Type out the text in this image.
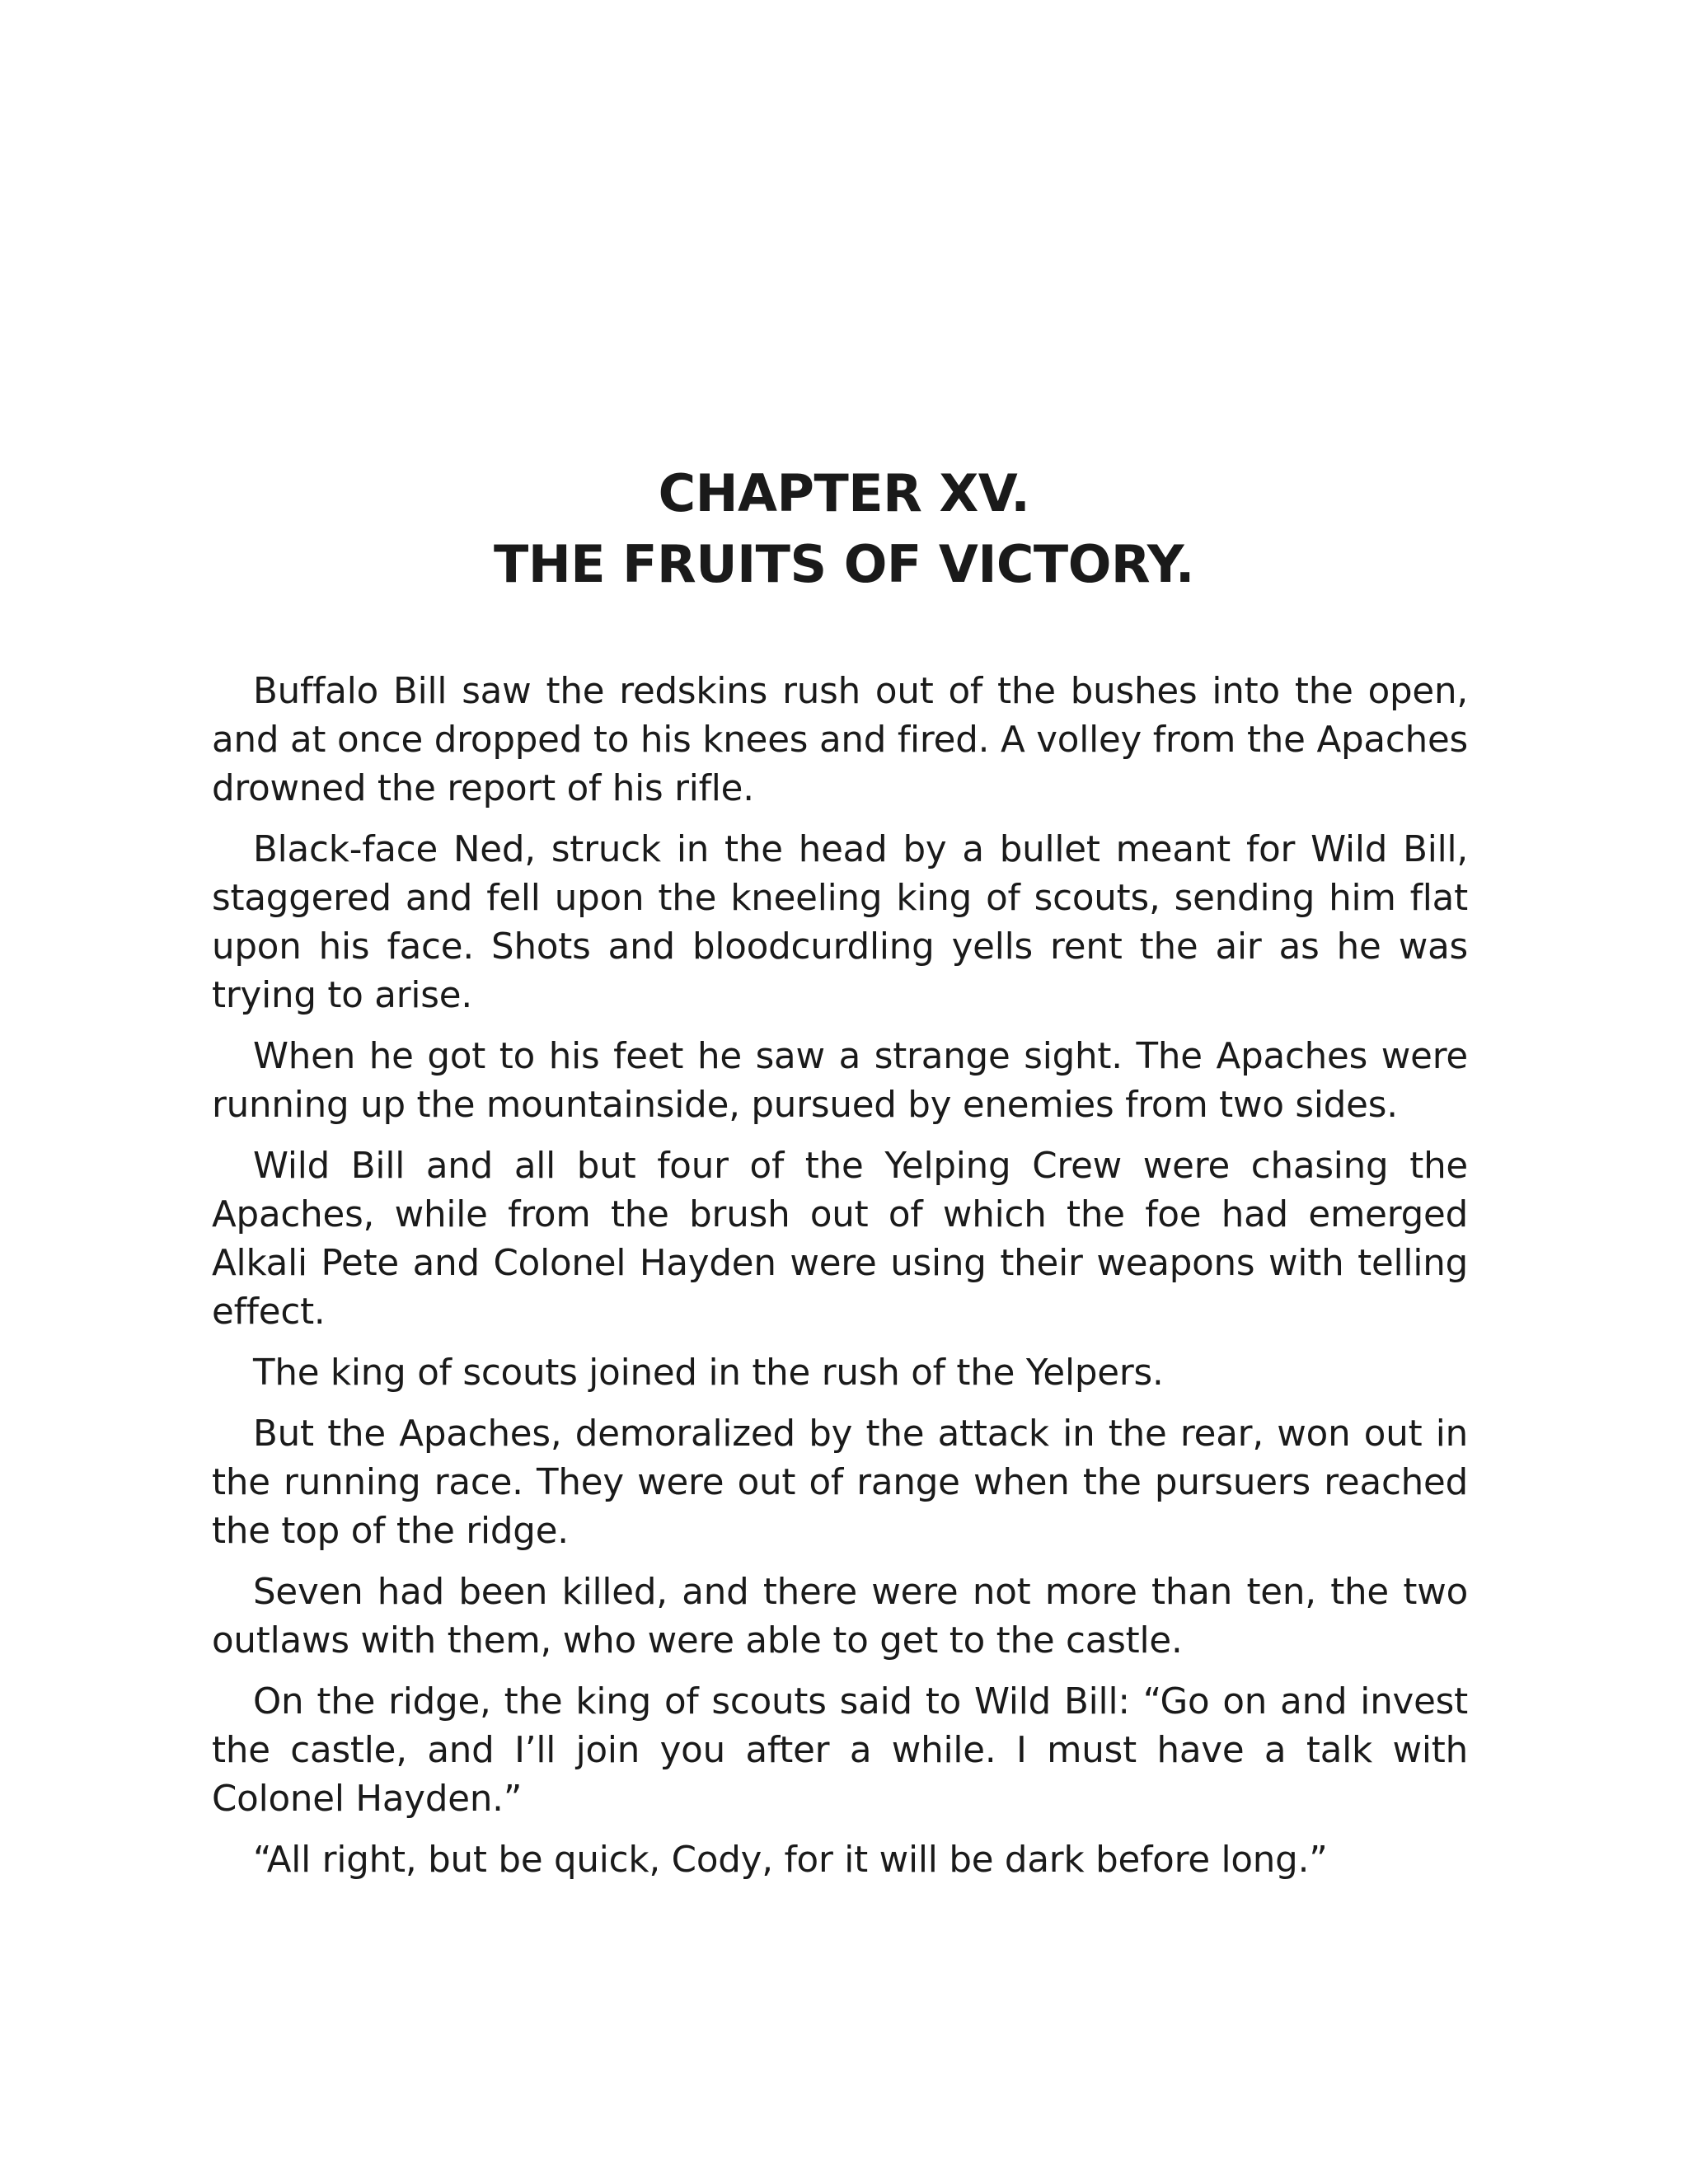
CHAPTER XV.
THE FRUITS OF VICTORY.

Buffalo Bill saw the redskins rush out of the bushes into the open, and at once dropped to his knees and fired. A volley from the Apaches drowned the report of his rifle.

Black-face Ned, struck in the head by a bullet meant for Wild Bill, staggered and fell upon the kneeling king of scouts, sending him flat upon his face. Shots and bloodcurdling yells rent the air as he was trying to arise.

When he got to his feet he saw a strange sight. The Apaches were running up the mountainside, pursued by enemies from two sides.

Wild Bill and all but four of the Yelping Crew were chasing the Apaches, while from the brush out of which the foe had emerged Alkali Pete and Colonel Hayden were using their weapons with telling effect.

The king of scouts joined in the rush of the Yelpers.

But the Apaches, demoralized by the attack in the rear, won out in the running race. They were out of range when the pursuers reached the top of the ridge.

Seven had been killed, and there were not more than ten, the two outlaws with them, who were able to get to the castle.

On the ridge, the king of scouts said to Wild Bill: “Go on and invest the castle, and I’ll join you after a while. I must have a talk with Colonel Hayden.”

“All right, but be quick, Cody, for it will be dark before long.”
